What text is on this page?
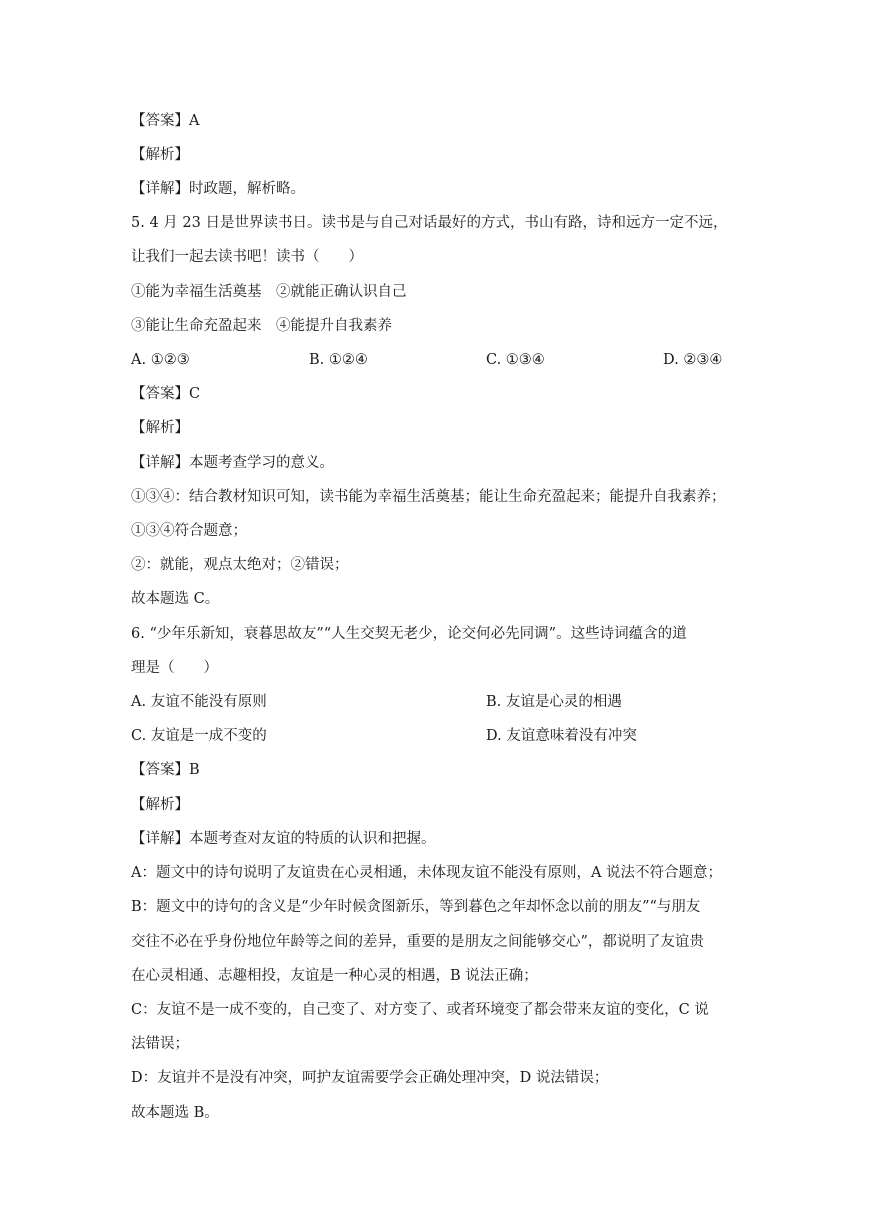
【答案】A

【解析】

【详解】时政题，解析略。

5. 4 月 23 日是世界读书日。读书是与自己对话最好的方式，书山有路，诗和远方一定不远，

让我们一起去读书吧！读书（　　）

①能为幸福生活奠基　②就能正确认识自己

③能让生命充盈起来　④能提升自我素养

A. ①②③	B. ①②④	C. ①③④	D. ②③④

【答案】C

【解析】

【详解】本题考查学习的意义。

①③④：结合教材知识可知，读书能为幸福生活奠基；能让生命充盈起来；能提升自我素养；

①③④符合题意；

②：就能，观点太绝对；②错误；

故本题选 C。

6. “少年乐新知，衰暮思故友”“人生交契无老少，论交何必先同调”。这些诗词蕴含的道

理是（　　）

A. 友谊不能没有原则	B. 友谊是心灵的相遇

C. 友谊是一成不变的	D. 友谊意味着没有冲突

【答案】B

【解析】

【详解】本题考查对友谊的特质的认识和把握。

A：题文中的诗句说明了友谊贵在心灵相通，未体现友谊不能没有原则，A 说法不符合题意；

B：题文中的诗句的含义是“少年时候贪图新乐，等到暮色之年却怀念以前的朋友”“与朋友

交往不必在乎身份地位年龄等之间的差异，重要的是朋友之间能够交心”，都说明了友谊贵

在心灵相通、志趣相投，友谊是一种心灵的相遇，B 说法正确；

C：友谊不是一成不变的，自己变了、对方变了、或者环境变了都会带来友谊的变化，C 说

法错误；

D：友谊并不是没有冲突，呵护友谊需要学会正确处理冲突，D 说法错误；

故本题选 B。
